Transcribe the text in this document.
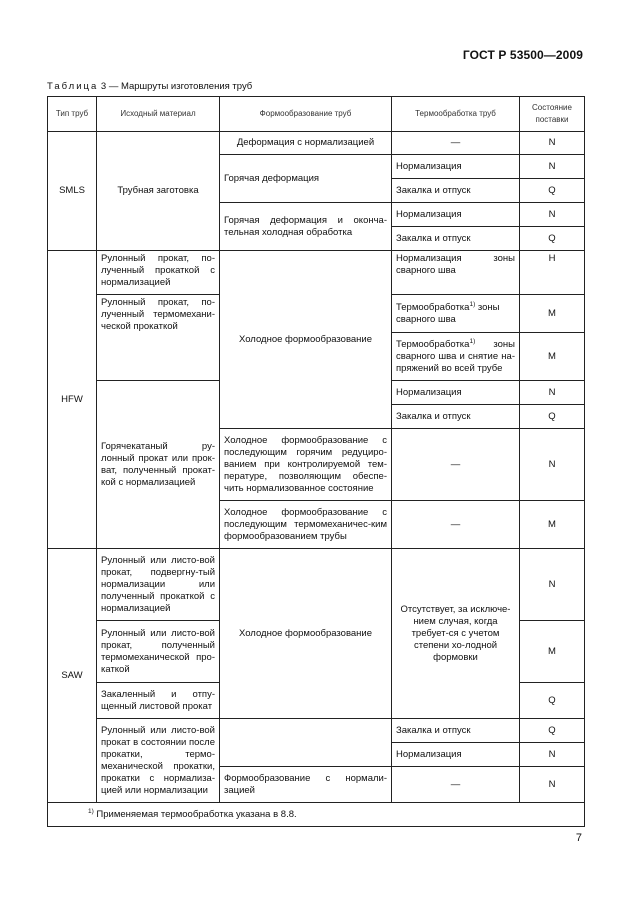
ГОСТ Р 53500—2009
Таблица 3 — Маршруты изготовления труб
Тип труб	Исходный материал	Формообразование труб	Термообработка труб	Состояние поставки
SMLS	Трубная заготовка	Деформация с нормализацией	—	N
		Горячая деформация	Нормализация	N
			Закалка и отпуск	Q
		Горячая деформация и оконча-тельная холодная обработка	Нормализация	N
			Закалка и отпуск	Q
HFW	Рулонный прокат, по-лученный прокаткой с нормализацией	Холодное формообразование	Нормализация зоны сварного шва	H
	Рулонный прокат, по-лученный термомехани-ческой прокаткой		Термообработка$^{1)}$ зоны сварного шва	M
			Термообработка$^{1)}$ зоны сварного шва и снятие на-пряжений во всей трубе	M
	Горячекатаный ру-лонный прокат или прок-ват, полученный прокат-кой с нормализацией		Нормализация	N
			Закалка и отпуск	Q
		Холодное формообразование с последующим горячим редуциро-ванием при контролируемой тем-пературе, позволяющим обеспе-чить нормализованное состояние	—	N
		Холодное формообразование с последующим термомеханичес-ким формообразованием трубы	—	M
SAW	Рулонный или листо-вой прокат, подвергну-тый нормализации или полученный прокаткой с нормализацией	Холодное формообразование	Отсутствует, за исключе-нием случая, когда требует-ся с учетом степени хо-лодной формовки	N
	Рулонный или листо-вой прокат, полученный термомеханической про-каткой			M
	Закаленный и отпу-щенный листовой прокат			Q
	Рулонный или листо-вой прокат в состоянии после прокатки, термо-механической прокатки, прокатки с нормализа-цией или нормализации		Закалка и отпуск	Q
			Нормализация	N
		Формообразование с нормали-зацией	—	N
$^{1)}$ Применяемая термообработка указана в 8.8.				
7
